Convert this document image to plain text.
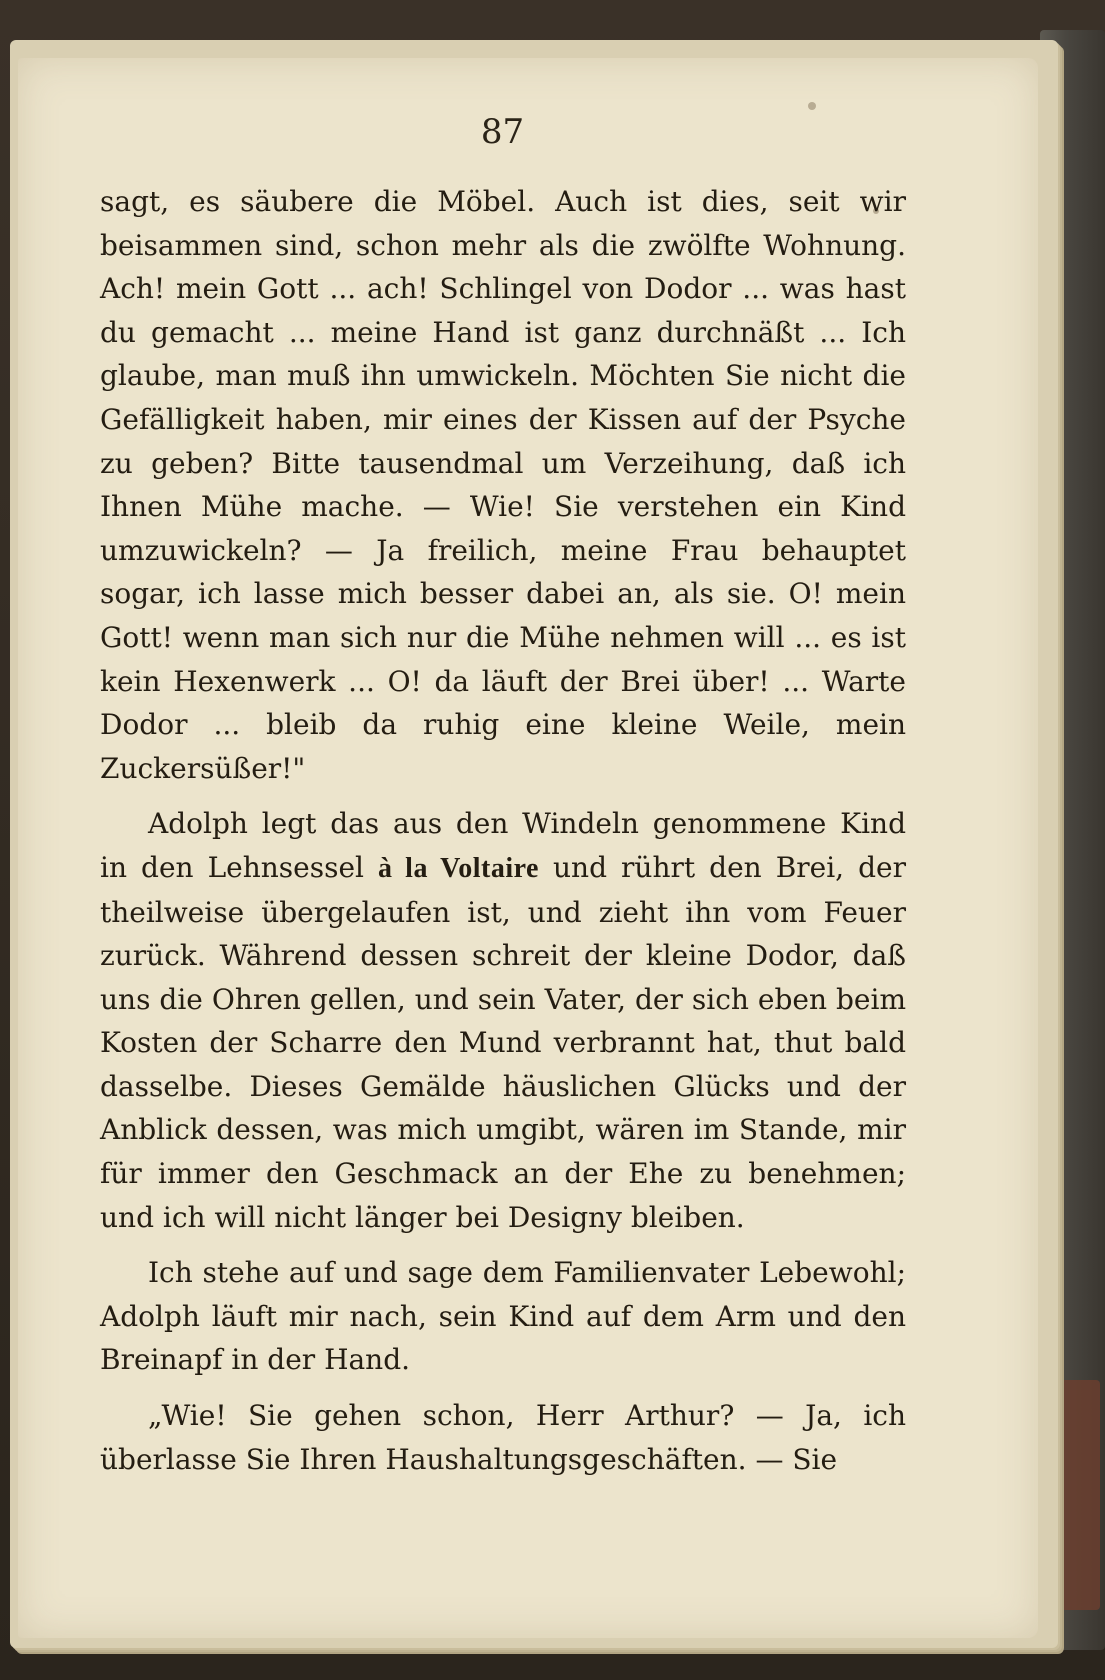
87

sagt, es säubere die Möbel. Auch ist dies, seit wir beisammen sind, schon mehr als die zwölfte Wohnung. Ach! mein Gott ... ach! Schlingel von Dodor ... was hast du gemacht ... meine Hand ist ganz durchnäßt ... Ich glaube, man muß ihn umwickeln. Möchten Sie nicht die Gefälligkeit haben, mir eines der Kissen auf der Psyche zu geben? Bitte tausendmal um Verzeihung, daß ich Ihnen Mühe mache. — Wie! Sie verstehen ein Kind umzuwickeln? — Ja freilich, meine Frau behauptet sogar, ich lasse mich besser dabei an, als sie. O! mein Gott! wenn man sich nur die Mühe nehmen will ... es ist kein Hexenwerk ... O! da läuft der Brei über! ... Warte Dodor ... bleib da ruhig eine kleine Weile, mein Zuckersüßer!"

Adolph legt das aus den Windeln genommene Kind in den Lehnsessel à la Voltaire und rührt den Brei, der theilweise übergelaufen ist, und zieht ihn vom Feuer zurück. Während dessen schreit der kleine Dodor, daß uns die Ohren gellen, und sein Vater, der sich eben beim Kosten der Scharre den Mund verbrannt hat, thut bald dasselbe. Dieses Gemälde häuslichen Glücks und der Anblick dessen, was mich umgibt, wären im Stande, mir für immer den Geschmack an der Ehe zu benehmen; und ich will nicht länger bei Designy bleiben.

Ich stehe auf und sage dem Familienvater Lebewohl; Adolph läuft mir nach, sein Kind auf dem Arm und den Breinapf in der Hand.

„Wie! Sie gehen schon, Herr Arthur? — Ja, ich überlasse Sie Ihren Haushaltungsgeschäften. — Sie
